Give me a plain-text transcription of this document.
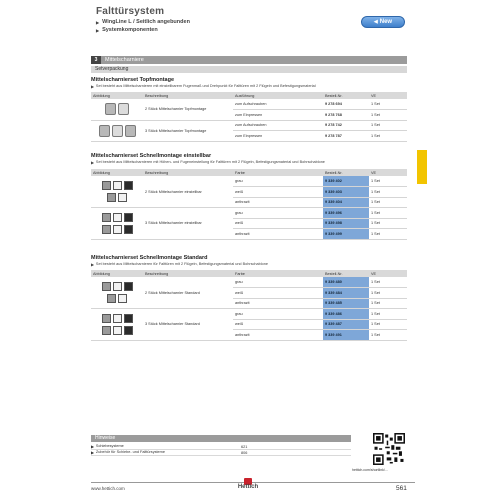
Falttürsystem
▶ WingLine L / Seitlich angebunden
▶ Systemkomponenten
◀ New
3	Mittelscharniere
Setverpackung
Mittelscharnierset Topfmontage
▶ Set besteht aus Mittelscharnieren mit einstellbarem Fugenmaß und Drehpunkt für Falttüren mit 2 Flügeln und Befestigungsmaterial
Abbildung	Beschreibung	Ausführung	Bestell-Nr.	VE

	2 Stück Mittelscharnier Topfmontage	zum Aufschrauben	9 278 694	1 Set
		zum Einpressen	9 278 768	1 Set

	3 Stück Mittelscharnier Topfmontage	zum Aufschrauben	9 278 742	1 Set
		zum Einpressen	9 278 787	1 Set
Mittelscharnierset Schnellmontage einstellbar
▶ Set besteht aus Mittelscharnieren mit Höhen- und Fugeneinstellung für Falttüren mit 2 Flügeln, Befestigungsmaterial und Bohrschablone
Abbildung	Beschreibung	Farbe	Bestell-Nr.	VE

	2 Stück Mittelscharnier einstellbar	grau	9 339 402	1 Set
		weiß	9 339 403	1 Set
		anthrazit	9 339 404	1 Set

	3 Stück Mittelscharnier einstellbar	grau	9 339 496	1 Set
		weiß	9 339 498	1 Set
		anthrazit	9 339 499	1 Set
Mittelscharnierset Schnellmontage Standard
▶ Set besteht aus Mittelscharnieren für Falttüren mit 2 Flügeln, Befestigungsmaterial und Bohrschablone
Abbildung	Beschreibung	Farbe	Bestell-Nr.	VE

	2 Stück Mittelscharnier Standard	grau	9 339 480	1 Set
		weiß	9 339 484	1 Set
		anthrazit	9 339 485	1 Set

	3 Stück Mittelscharnier Standard	grau	9 339 486	1 Set
		weiß	9 339 487	1 Set
		anthrazit	9 339 491	1 Set
Hinweise
▶ Schiebesysteme	621
▶ Zubehör für Schiebe- und Falttürsysteme	806
hettich.com/shortlink/...
www.hettich.com	Hettich	561
